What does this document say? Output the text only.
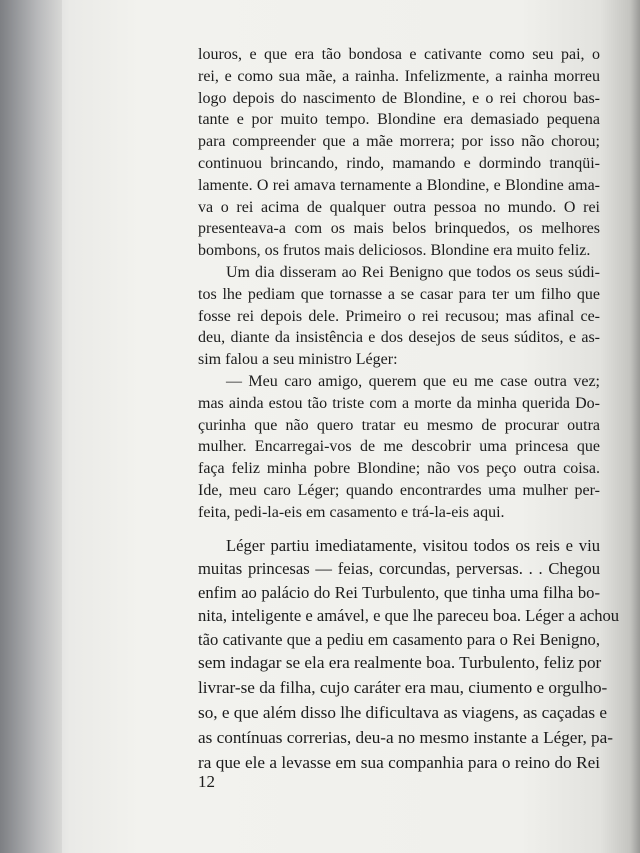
louros, e que era tão bondosa e cativante como seu pai, o
rei, e como sua mãe, a rainha. Infelizmente, a rainha morreu
logo depois do nascimento de Blondine, e o rei chorou bas-
tante e por muito tempo. Blondine era demasiado pequena
para compreender que a mãe morrera; por isso não chorou;
continuou brincando, rindo, mamando e dormindo tranqüi-
lamente. O rei amava ternamente a Blondine, e Blondine ama-
va o rei acima de qualquer outra pessoa no mundo. O rei
presenteava-a com os mais belos brinquedos, os melhores
bombons, os frutos mais deliciosos. Blondine era muito feliz.
Um dia disseram ao Rei Benigno que todos os seus súdi-
tos lhe pediam que tornasse a se casar para ter um filho que
fosse rei depois dele. Primeiro o rei recusou; mas afinal ce-
deu, diante da insistência e dos desejos de seus súditos, e as-
sim falou a seu ministro Léger:
— Meu caro amigo, querem que eu me case outra vez;
mas ainda estou tão triste com a morte da minha querida Do-
çurinha que não quero tratar eu mesmo de procurar outra
mulher. Encarregai-vos de me descobrir uma princesa que
faça feliz minha pobre Blondine; não vos peço outra coisa.
Ide, meu caro Léger; quando encontrardes uma mulher per-
feita, pedi-la-eis em casamento e trá-la-eis aqui.
Léger partiu imediatamente, visitou todos os reis e viu
muitas princesas — feias, corcundas, perversas. . . Chegou
enfim ao palácio do Rei Turbulento, que tinha uma filha bo-
nita, inteligente e amável, e que lhe pareceu boa. Léger a achou
tão cativante que a pediu em casamento para o Rei Benigno,
sem indagar se ela era realmente boa. Turbulento, feliz por
livrar-se da filha, cujo caráter era mau, ciumento e orgulho-
so, e que além disso lhe dificultava as viagens, as caçadas e
as contínuas correrias, deu-a no mesmo instante a Léger, pa-
ra que ele a levasse em sua companhia para o reino do Rei
12
